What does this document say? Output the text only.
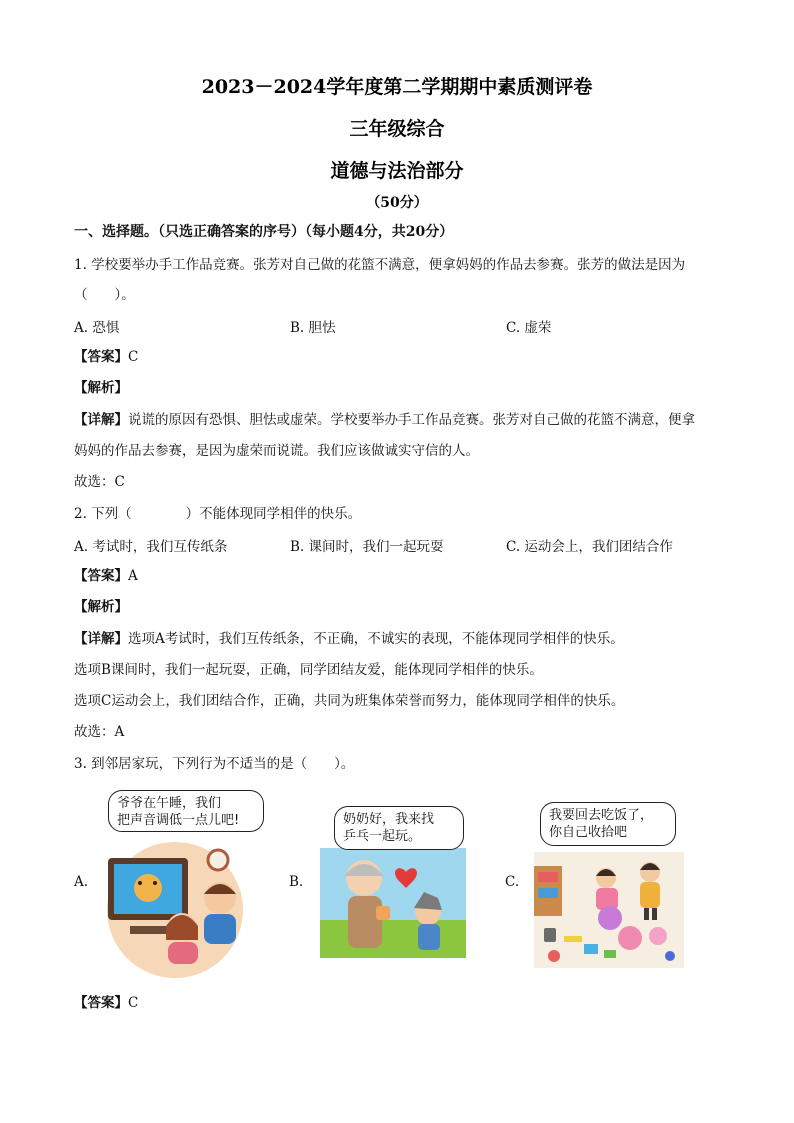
2023－2024学年度第二学期期中素质测评卷
三年级综合
道德与法治部分
（50分）
一、选择题。（只选正确答案的序号）（每小题4分，共20分）
1. 学校要举办手工作品竞赛。张芳对自己做的花篮不满意，便拿妈妈的作品去参赛。张芳的做法是因为
（　　）。
A. 恐惧	B. 胆怯	C. 虚荣
【答案】C
【解析】
【详解】说谎的原因有恐惧、胆怯或虚荣。学校要举办手工作品竞赛。张芳对自己做的花篮不满意，便拿
妈妈的作品去参赛，是因为虚荣而说谎。我们应该做诚实守信的人。
故选：C
2. 下列（　　　　）不能体现同学相伴的快乐。
A. 考试时，我们互传纸条	B. 课间时，我们一起玩耍	C. 运动会上，我们团结合作
【答案】A
【解析】
【详解】选项A考试时，我们互传纸条，不正确，不诚实的表现，不能体现同学相伴的快乐。
选项B课间时，我们一起玩耍，正确，同学团结友爱，能体现同学相伴的快乐。
选项C运动会上，我们团结合作，正确，共同为班集体荣誉而努力，能体现同学相伴的快乐。
故选：A
3. 到邻居家玩，下列行为不适当的是（　　）。
A.
爷爷在午睡，我们
把声音调低一点儿吧!
B.
奶奶好，我来找
乒乓一起玩。
C.
我要回去吃饭了，
你自己收拾吧
【答案】C
